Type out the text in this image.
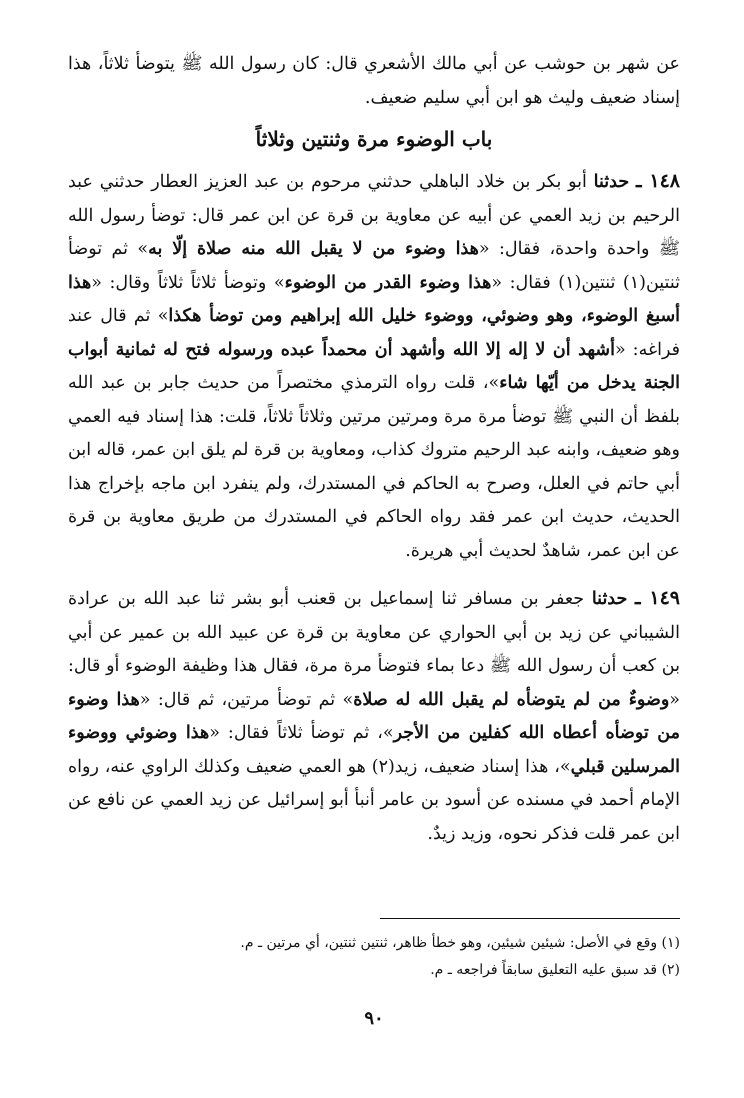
عن شهر بن حوشب عن أبي مالك الأشعري قال: كان رسول الله ﷺ يتوضأ ثلاثاً، هذا إسناد ضعيف وليث هو ابن أبي سليم ضعيف.

باب الوضوء مرة وثنتين وثلاثاً

١٤٨ ـ حدثنا أبو بكر بن خلاد الباهلي حدثني مرحوم بن عبد العزيز العطار حدثني عبد الرحيم بن زيد العمي عن أبيه عن معاوية بن قرة عن ابن عمر قال: توضأ رسول الله ﷺ واحدة واحدة، فقال: «هذا وضوء من لا يقبل الله منه صلاة إلّا به» ثم توضأ ثنتين(١) ثنتين(١) فقال: «هذا وضوء القدر من الوضوء» وتوضأ ثلاثاً ثلاثاً وقال: «هذا أسبغ الوضوء، وهو وضوئي، ووضوء خليل الله إبراهيم ومن توضأ هكذا» ثم قال عند فراغه: «أشهد أن لا إله إلا الله وأشهد أن محمداً عبده ورسوله فتح له ثمانية أبواب الجنة يدخل من أيّها شاء»، قلت رواه الترمذي مختصراً من حديث جابر بن عبد الله بلفظ أن النبي ﷺ توضأ مرة مرة ومرتين مرتين وثلاثاً ثلاثاً، قلت: هذا إسناد فيه العمي وهو ضعيف، وابنه عبد الرحيم متروك كذاب، ومعاوية بن قرة لم يلق ابن عمر، قاله ابن أبي حاتم في العلل، وصرح به الحاكم في المستدرك، ولم ينفرد ابن ماجه بإخراج هذا الحديث، حديث ابن عمر فقد رواه الحاكم في المستدرك من طريق معاوية بن قرة عن ابن عمر، شاهدٌ لحديث أبي هريرة.

١٤٩ ـ حدثنا جعفر بن مسافر ثنا إسماعيل بن قعنب أبو بشر ثنا عبد الله بن عرادة الشيباني عن زيد بن أبي الحواري عن معاوية بن قرة عن عبيد الله بن عمير عن أبي بن كعب أن رسول الله ﷺ دعا بماء فتوضأ مرة مرة، فقال هذا وظيفة الوضوء أو قال: «وضوءٌ من لم يتوضأه لم يقبل الله له صلاة» ثم توضأ مرتين، ثم قال: «هذا وضوء من توضأه أعطاه الله كفلين من الأجر»، ثم توضأ ثلاثاً فقال: «هذا وضوئي ووضوء المرسلين قبلي»، هذا إسناد ضعيف، زيد(٢) هو العمي ضعيف وكذلك الراوي عنه، رواه الإمام أحمد في مسنده عن أسود بن عامر أنبأ أبو إسرائيل عن زيد العمي عن نافع عن ابن عمر قلت فذكر نحوه، وزيد زيدٌ.

(١) وقع في الأصل: شيئين شيئين، وهو خطأ ظاهر، ثنتين ثنتين، أي مرتين ـ م.

(٢) قد سبق عليه التعليق سابقاً فراجعه ـ م.

٩٠
